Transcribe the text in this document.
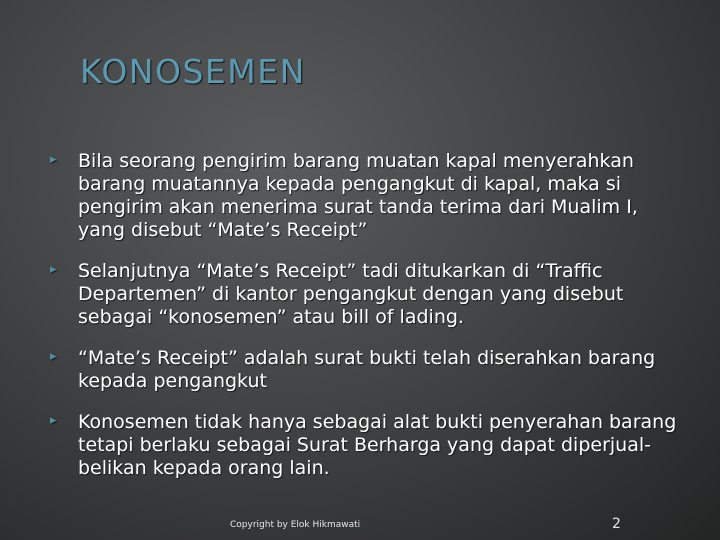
KONOSEMEN
▸ Bila seorang pengirim barang muatan kapal menyerahkan barang muatannya kepada pengangkut di kapal, maka si pengirim akan menerima surat tanda terima dari Mualim I, yang disebut “Mate’s Receipt”
▸ Selanjutnya “Mate’s Receipt” tadi ditukarkan di “Traffic Departemen” di kantor pengangkut dengan yang disebut sebagai “konosemen” atau bill of lading.
▸ “Mate’s Receipt” adalah surat bukti telah diserahkan barang kepada pengangkut
▸ Konosemen tidak hanya sebagai alat bukti penyerahan barang tetapi berlaku sebagai Surat Berharga yang dapat diperjual-belikan kepada orang lain.
Copyright by Elok Hikmawati	2
